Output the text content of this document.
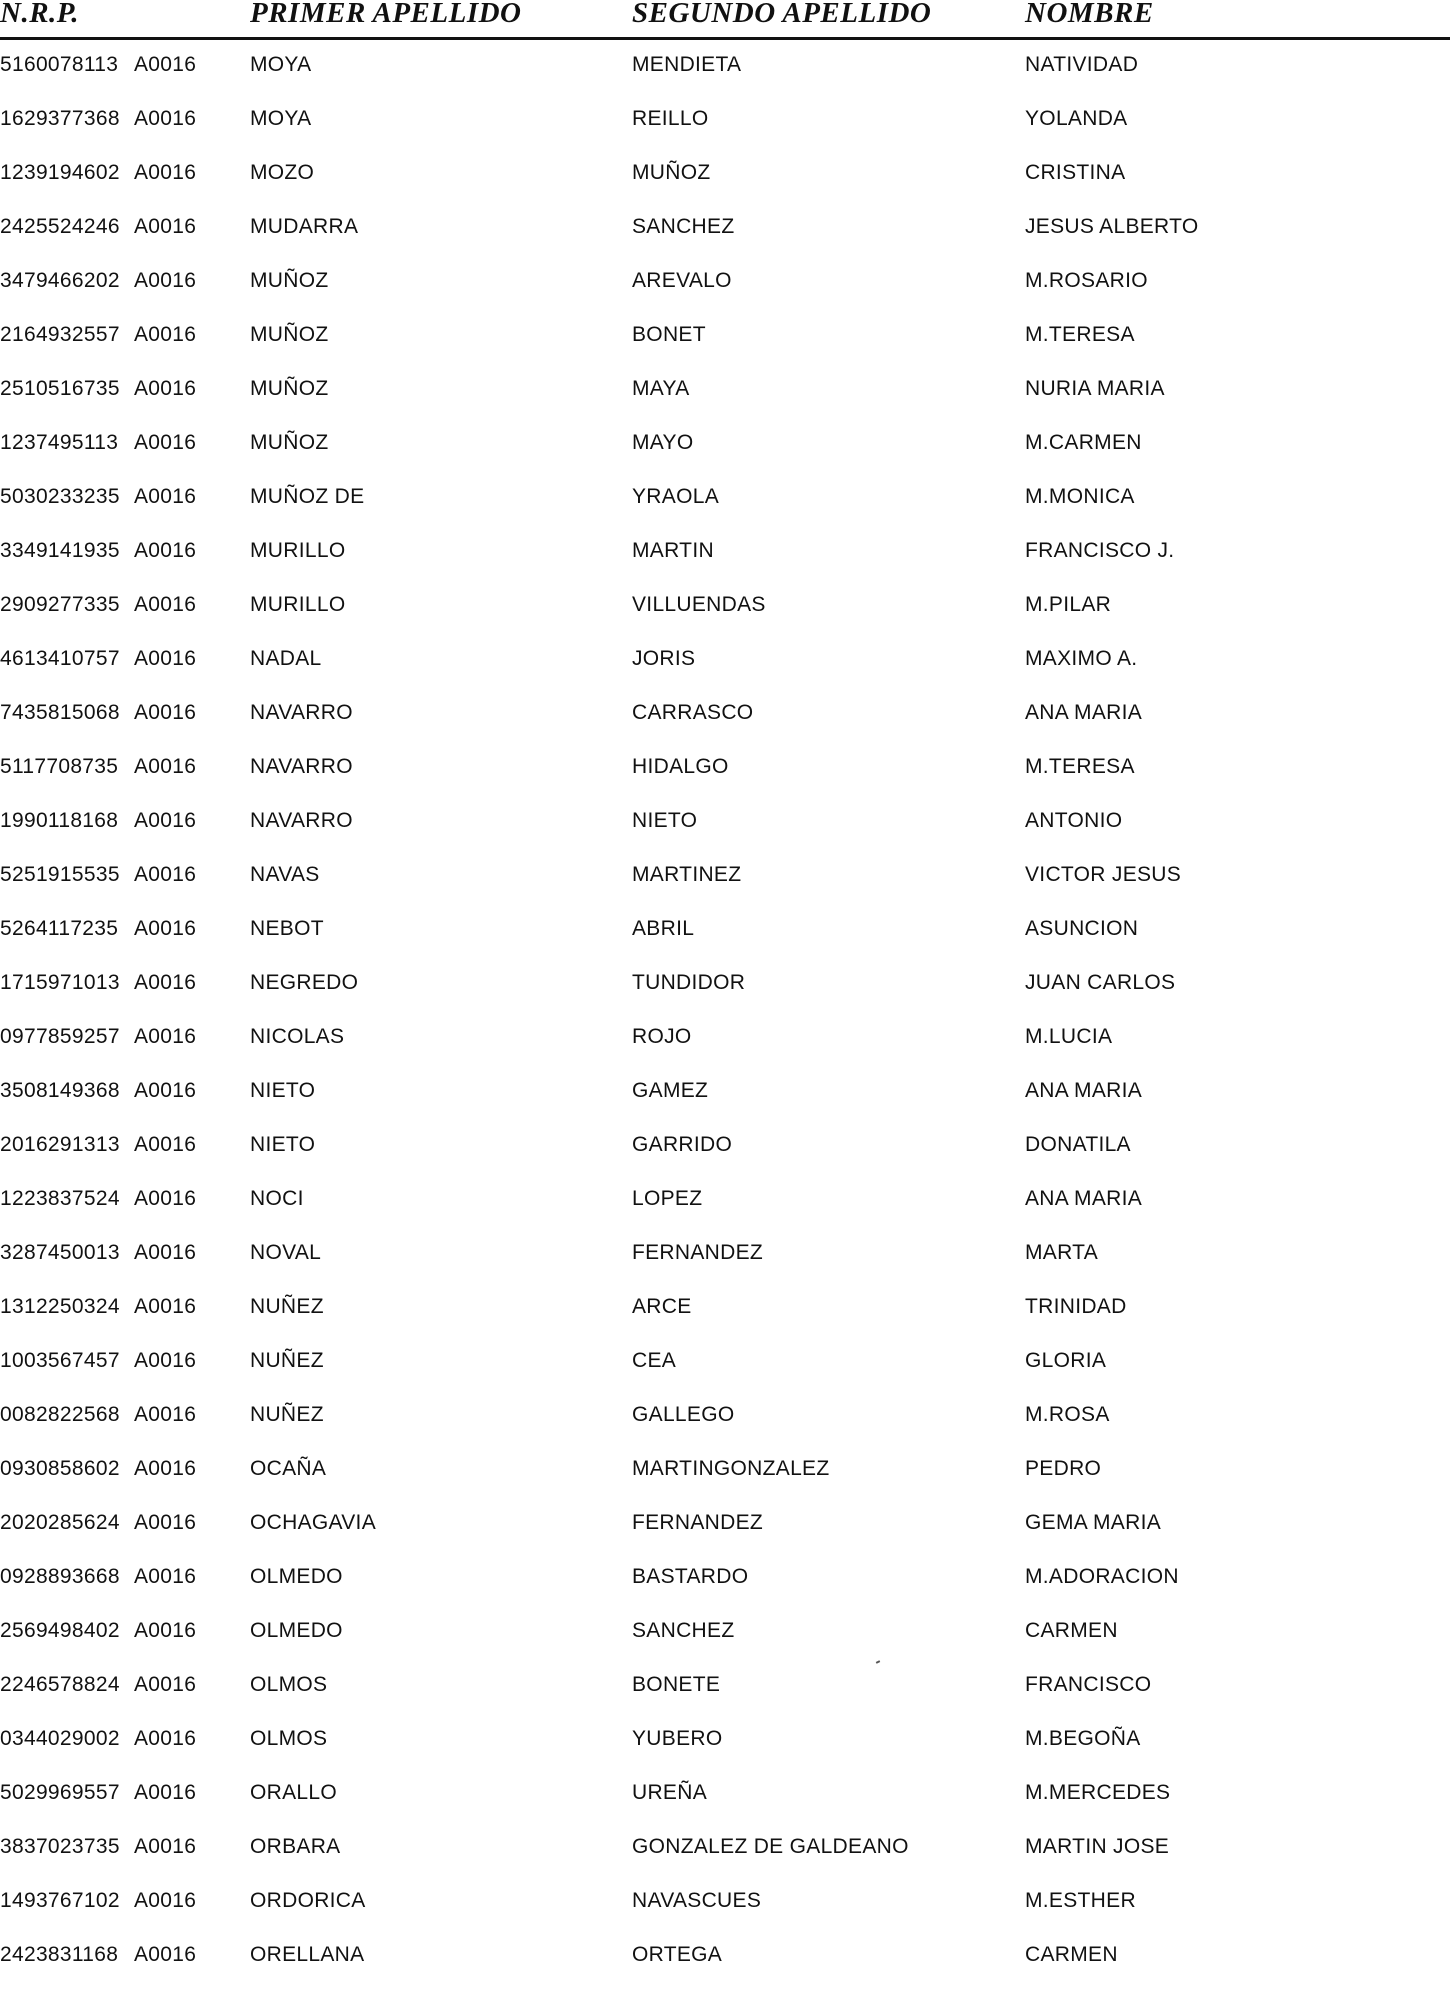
N.R.P.	PRIMER APELLIDO	SEGUNDO APELLIDO	NOMBRE
5160078113 A0016	MOYA	MENDIETA	NATIVIDAD
1629377368 A0016	MOYA	REILLO	YOLANDA
1239194602 A0016	MOZO	MUÑOZ	CRISTINA
2425524246 A0016	MUDARRA	SANCHEZ	JESUS ALBERTO
3479466202 A0016	MUÑOZ	AREVALO	M.ROSARIO
2164932557 A0016	MUÑOZ	BONET	M.TERESA
2510516735 A0016	MUÑOZ	MAYA	NURIA MARIA
1237495113 A0016	MUÑOZ	MAYO	M.CARMEN
5030233235 A0016	MUÑOZ DE	YRAOLA	M.MONICA
3349141935 A0016	MURILLO	MARTIN	FRANCISCO J.
2909277335 A0016	MURILLO	VILLUENDAS	M.PILAR
4613410757 A0016	NADAL	JORIS	MAXIMO A.
7435815068 A0016	NAVARRO	CARRASCO	ANA MARIA
5117708735 A0016	NAVARRO	HIDALGO	M.TERESA
1990118168 A0016	NAVARRO	NIETO	ANTONIO
5251915535 A0016	NAVAS	MARTINEZ	VICTOR JESUS
5264117235 A0016	NEBOT	ABRIL	ASUNCION
1715971013 A0016	NEGREDO	TUNDIDOR	JUAN CARLOS
0977859257 A0016	NICOLAS	ROJO	M.LUCIA
3508149368 A0016	NIETO	GAMEZ	ANA MARIA
2016291313 A0016	NIETO	GARRIDO	DONATILA
1223837524 A0016	NOCI	LOPEZ	ANA MARIA
3287450013 A0016	NOVAL	FERNANDEZ	MARTA
1312250324 A0016	NUÑEZ	ARCE	TRINIDAD
1003567457 A0016	NUÑEZ	CEA	GLORIA
0082822568 A0016	NUÑEZ	GALLEGO	M.ROSA
0930858602 A0016	OCAÑA	MARTINGONZALEZ	PEDRO
2020285624 A0016	OCHAGAVIA	FERNANDEZ	GEMA MARIA
0928893668 A0016	OLMEDO	BASTARDO	M.ADORACION
2569498402 A0016	OLMEDO	SANCHEZ	CARMEN
2246578824 A0016	OLMOS	BONETE	FRANCISCO
0344029002 A0016	OLMOS	YUBERO	M.BEGOÑA
5029969557 A0016	ORALLO	UREÑA	M.MERCEDES
3837023735 A0016	ORBARA	GONZALEZ DE GALDEANO	MARTIN JOSE
1493767102 A0016	ORDORICA	NAVASCUES	M.ESTHER
2423831168 A0016	ORELLANA	ORTEGA	CARMEN
